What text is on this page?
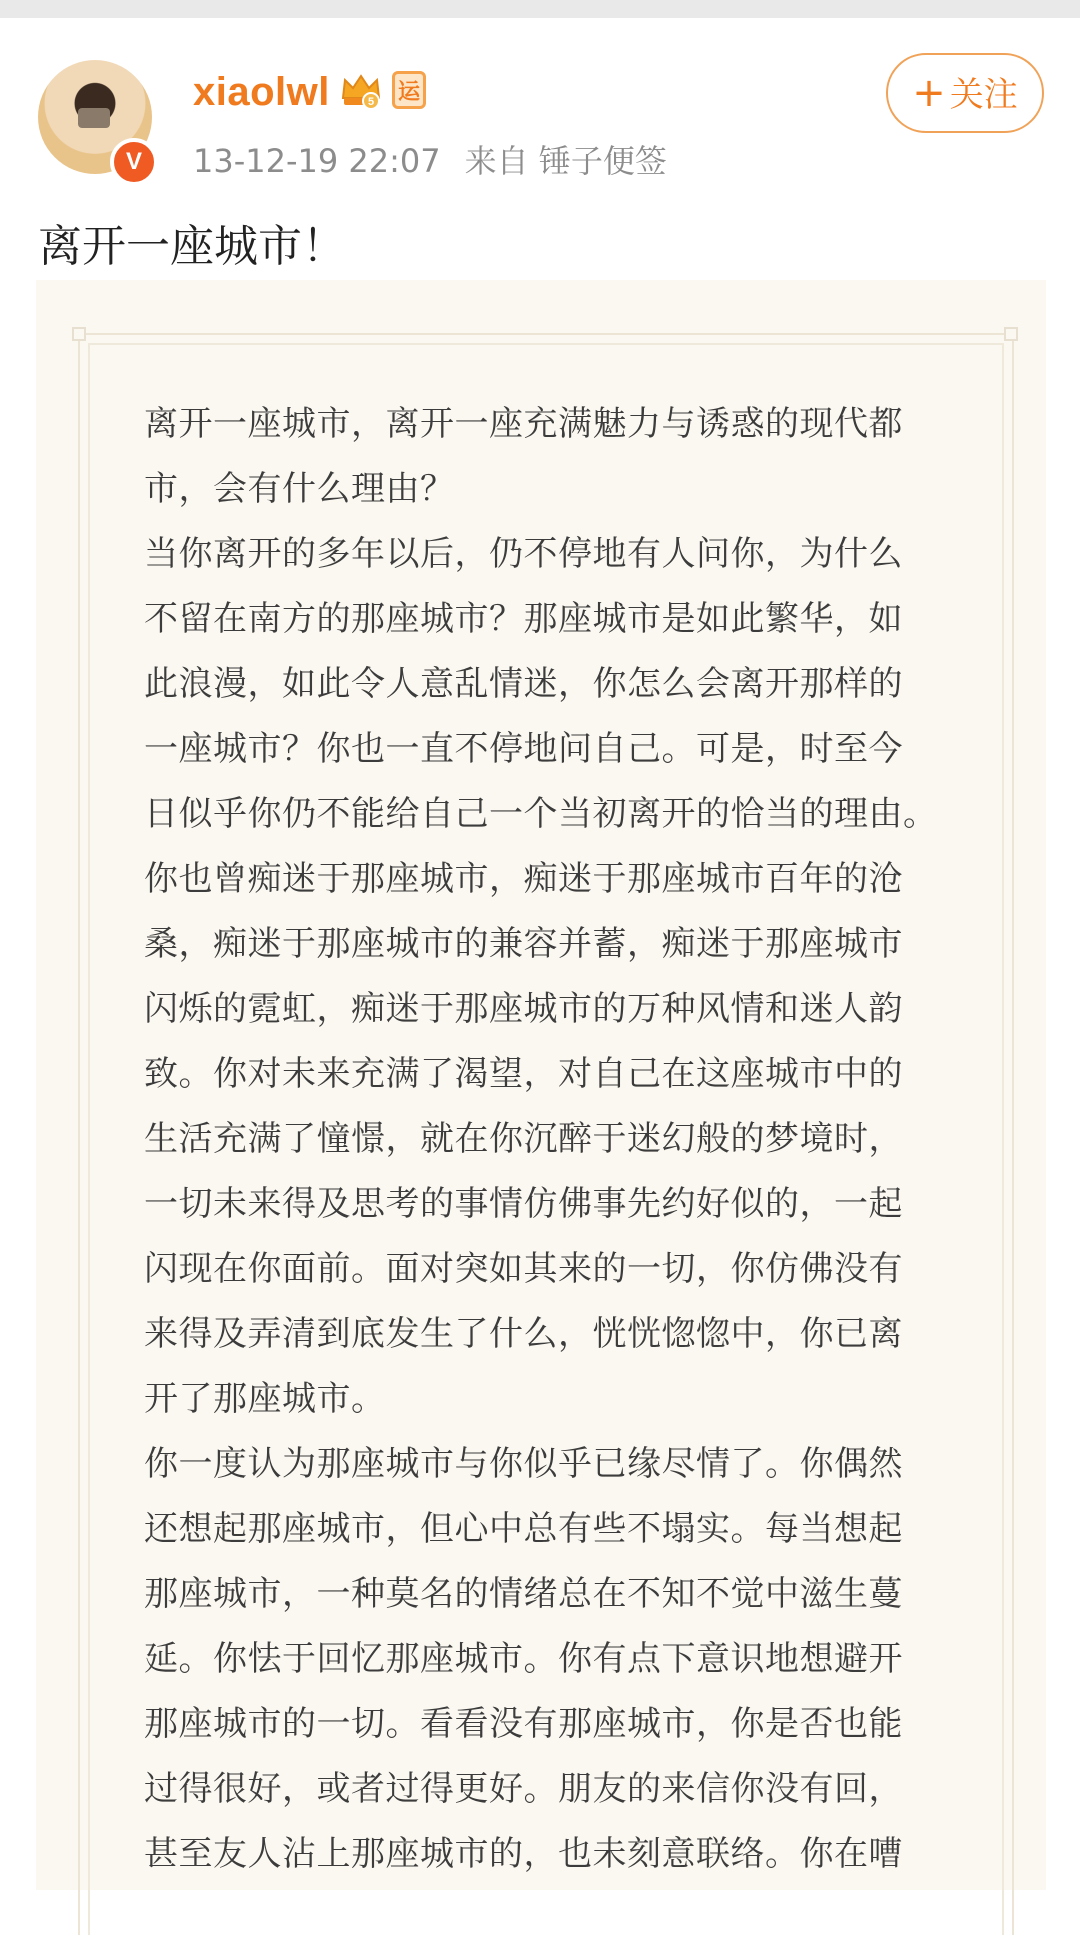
V
xiaolwl	5 运
13-12-19 22:07 来自 锤子便签
+ 关注
离开一座城市！
离开一座城市，离开一座充满魅力与诱惑的现代都
市，会有什么理由？
当你离开的多年以后，仍不停地有人问你，为什么
不留在南方的那座城市？那座城市是如此繁华，如
此浪漫，如此令人意乱情迷，你怎么会离开那样的
一座城市？你也一直不停地问自己。可是，时至今
日似乎你仍不能给自己一个当初离开的恰当的理由。
你也曾痴迷于那座城市，痴迷于那座城市百年的沧
桑，痴迷于那座城市的兼容并蓄，痴迷于那座城市
闪烁的霓虹，痴迷于那座城市的万种风情和迷人韵
致。你对未来充满了渴望，对自己在这座城市中的
生活充满了憧憬，就在你沉醉于迷幻般的梦境时，
一切未来得及思考的事情仿佛事先约好似的，一起
闪现在你面前。面对突如其来的一切，你仿佛没有
来得及弄清到底发生了什么，恍恍惚惚中，你已离
开了那座城市。
你一度认为那座城市与你似乎已缘尽情了。你偶然
还想起那座城市，但心中总有些不塌实。每当想起
那座城市，一种莫名的情绪总在不知不觉中滋生蔓
延。你怯于回忆那座城市。你有点下意识地想避开
那座城市的一切。看看没有那座城市，你是否也能
过得很好，或者过得更好。朋友的来信你没有回，
甚至友人沾上那座城市的，也未刻意联络。你在嘈
